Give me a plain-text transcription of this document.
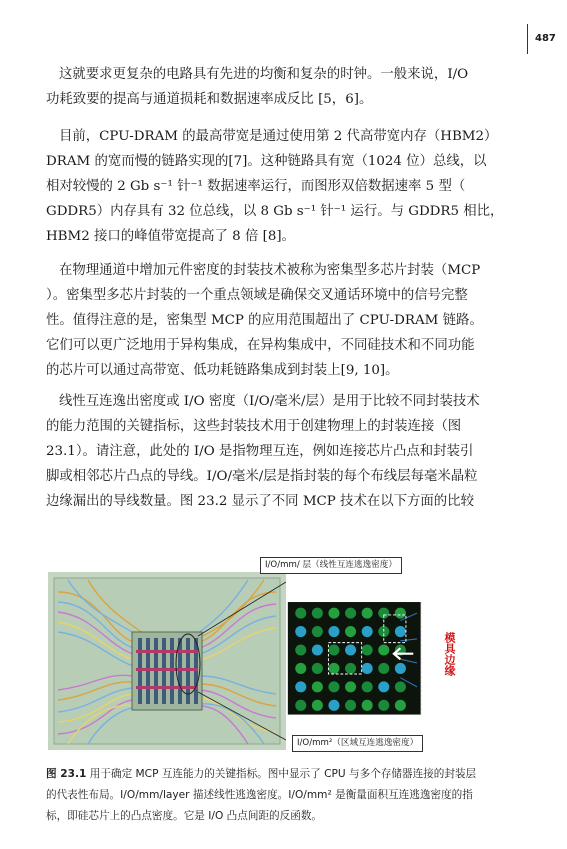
487
这就要求更复杂的电路具有先进的均衡和复杂的时钟。一般来说，I/O
功耗致要的提高与通道损耗和数据速率成反比 [5，6]。
目前，CPU-DRAM 的最高带宽是通过使用第 2 代高带宽内存（HBM2）
DRAM 的宽而慢的链路实现的[7]。这种链路具有宽（1024 位）总线，以
相对较慢的 2 Gb s⁻¹ 针⁻¹ 数据速率运行，而图形双倍数据速率 5 型（
GDDR5）内存具有 32 位总线，以 8 Gb s⁻¹ 针⁻¹ 运行。与 GDDR5 相比，
HBM2 接口的峰值带宽提高了 8 倍 [8]。
在物理通道中增加元件密度的封装技术被称为密集型多芯片封装（MCP
）。密集型多芯片封装的一个重点领域是确保交叉通话环境中的信号完整
性。值得注意的是，密集型 MCP 的应用范围超出了 CPU-DRAM 链路。
它们可以更广泛地用于异构集成，在异构集成中，不同硅技术和不同功能
的芯片可以通过高带宽、低功耗链路集成到封装上[9, 10]。
线性互连逸出密度或 I/O 密度（I/O/毫米/层）是用于比较不同封装技术
的能力范围的关键指标，这些封装技术用于创建物理上的封装连接（图
23.1）。请注意，此处的 I/O 是指物理互连，例如连接芯片凸点和封装引
脚或相邻芯片凸点的导线。I/O/毫米/层是指封装的每个布线层每毫米晶粒
边缘漏出的导线数量。图 23.2 显示了不同 MCP 技术在以下方面的比较
I/O/mm/ 层（线性互连逃逸密度）
I/O/mm²（区域互连逃逸密度）
模具边缘
图 23.1 用于确定 MCP 互连能力的关键指标。图中显示了 CPU 与多个存储器连接的封装层
的代表性布局。I/O/mm/layer 描述线性逃逸密度。I/O/mm² 是衡量面积互连逃逸密度的指
标，即硅芯片上的凸点密度。它是 I/O 凸点间距的反函数。
